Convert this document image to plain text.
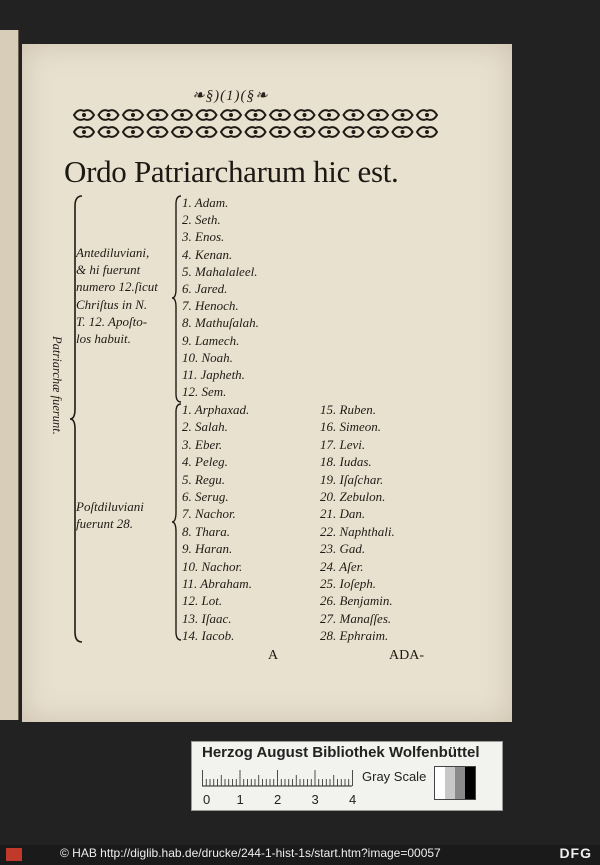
❧§)(1)(§❧
Ordo Patriarcharum hic est.
Patriarchæ fuerunt.
Antediluviani,
& hi fuerunt
numero 12.ſicut
Chriſtus in N.
T. 12. Apoſto-
los habuit.
Poſtdiluviani
fuerunt 28.
1. Adam.
2. Seth.
3. Enos.
4. Kenan.
5. Mahalaleel.
6. Jared.
7. Henoch.
8. Mathuſalah.
9. Lamech.
10. Noah.
11. Japheth.
12. Sem.
1. Arphaxad.
2. Salah.
3. Eber.
4. Peleg.
5. Regu.
6. Serug.
7. Nachor.
8. Thara.
9. Haran.
10. Nachor.
11. Abraham.
12. Lot.
13. Iſaac.
14. Iacob.
15. Ruben.
16. Simeon.
17. Levi.
18. Iudas.
19. Iſaſchar.
20. Zebulon.
21. Dan.
22. Naphthali.
23. Gad.
24. Aſer.
25. Ioſeph.
26. Benjamin.
27. Manaſſes.
28. Ephraim.
A	ADA-
Herzog August Bibliothek Wolfenbüttel
0 1 2 3 4
Gray Scale
© HAB http://diglib.hab.de/drucke/244-1-hist-1s/start.htm?image=00057	DFG
